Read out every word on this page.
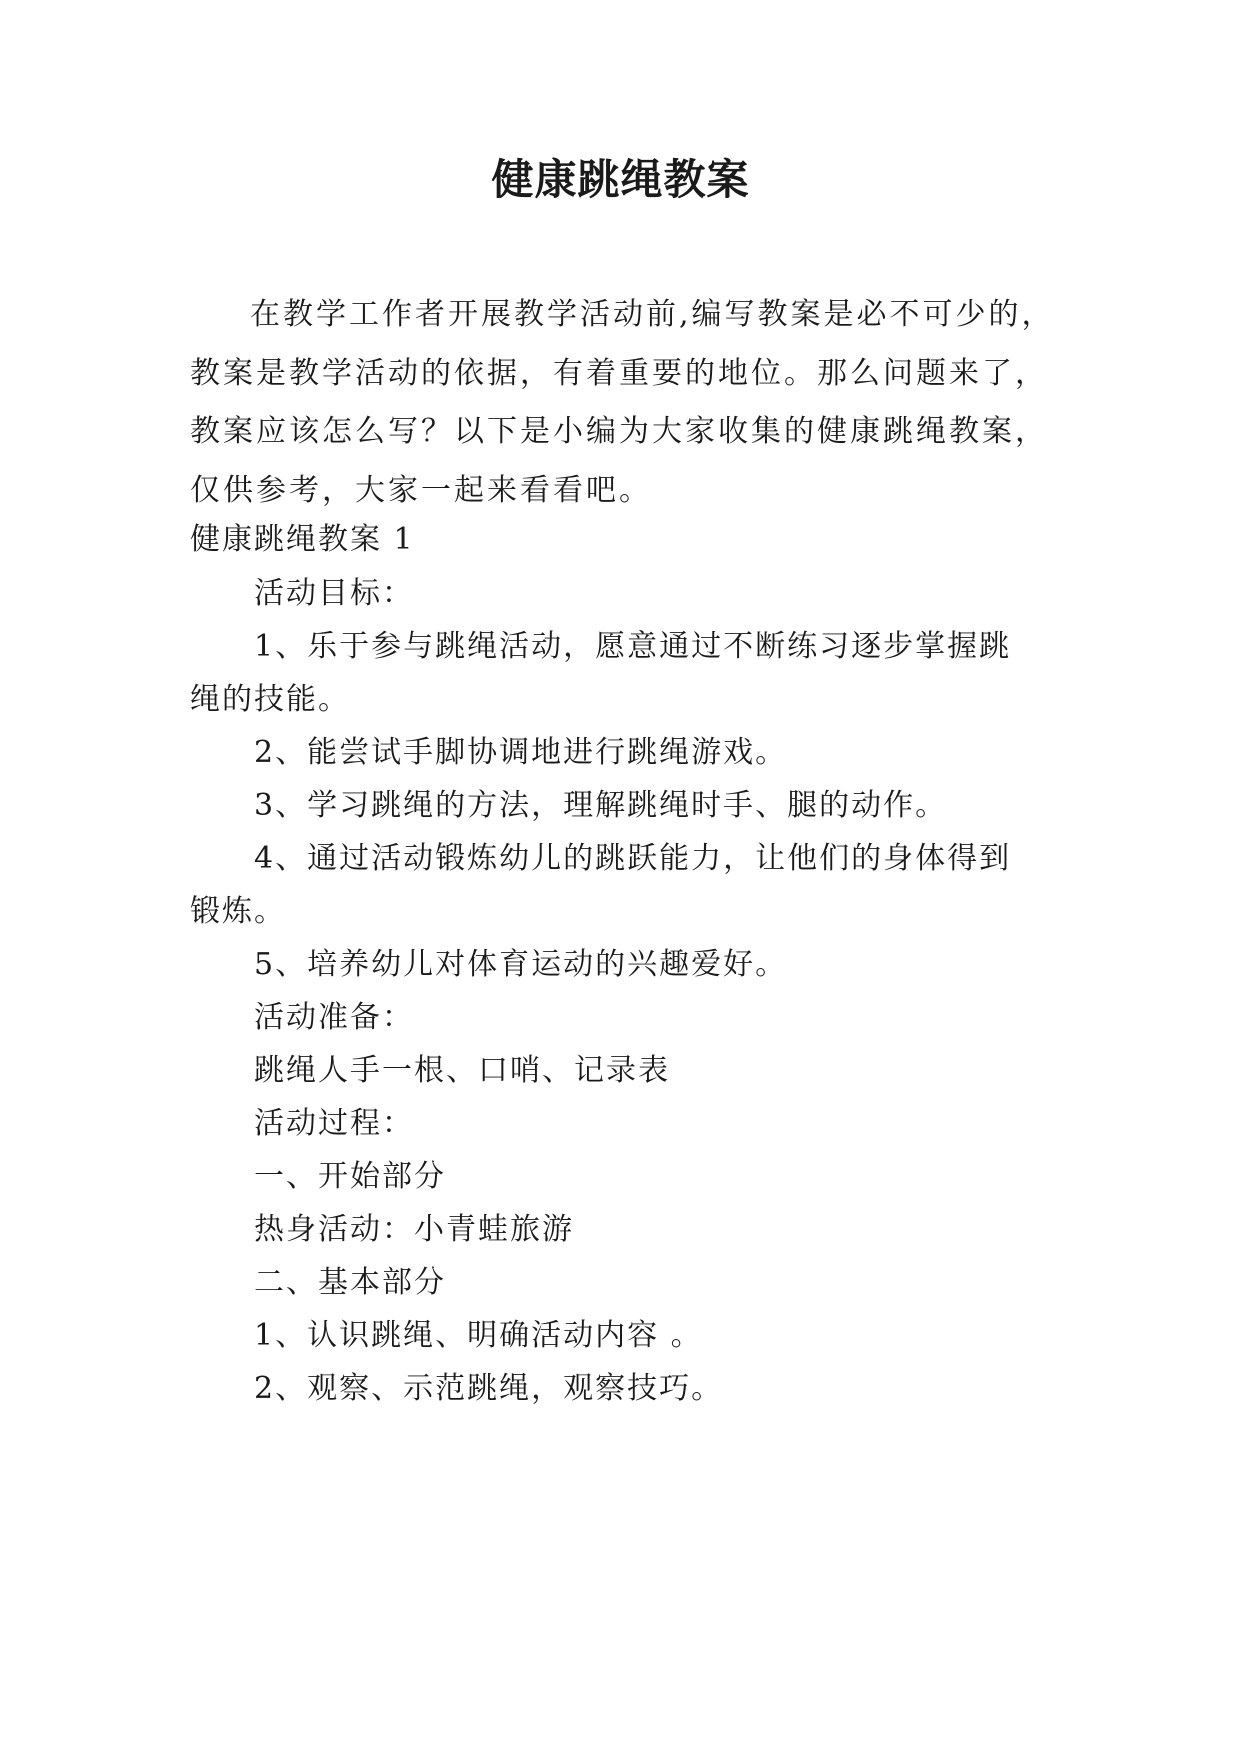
健康跳绳教案

在教学工作者开展教学活动前,编写教案是必不可少的，教案是教学活动的依据，有着重要的地位。那么问题来了，教案应该怎么写？以下是小编为大家收集的健康跳绳教案，仅供参考，大家一起来看看吧。

健康跳绳教案 1

活动目标：

1、乐于参与跳绳活动，愿意通过不断练习逐步掌握跳

绳的技能。

2、能尝试手脚协调地进行跳绳游戏。

3、学习跳绳的方法，理解跳绳时手、腿的动作。

4、通过活动锻炼幼儿的跳跃能力，让他们的身体得到

锻炼。

5、培养幼儿对体育运动的兴趣爱好。

活动准备：

跳绳人手一根、口哨、记录表

活动过程：

一、开始部分

热身活动：小青蛙旅游

二、基本部分

1、认识跳绳、明确活动内容 。

2、观察、示范跳绳，观察技巧。
